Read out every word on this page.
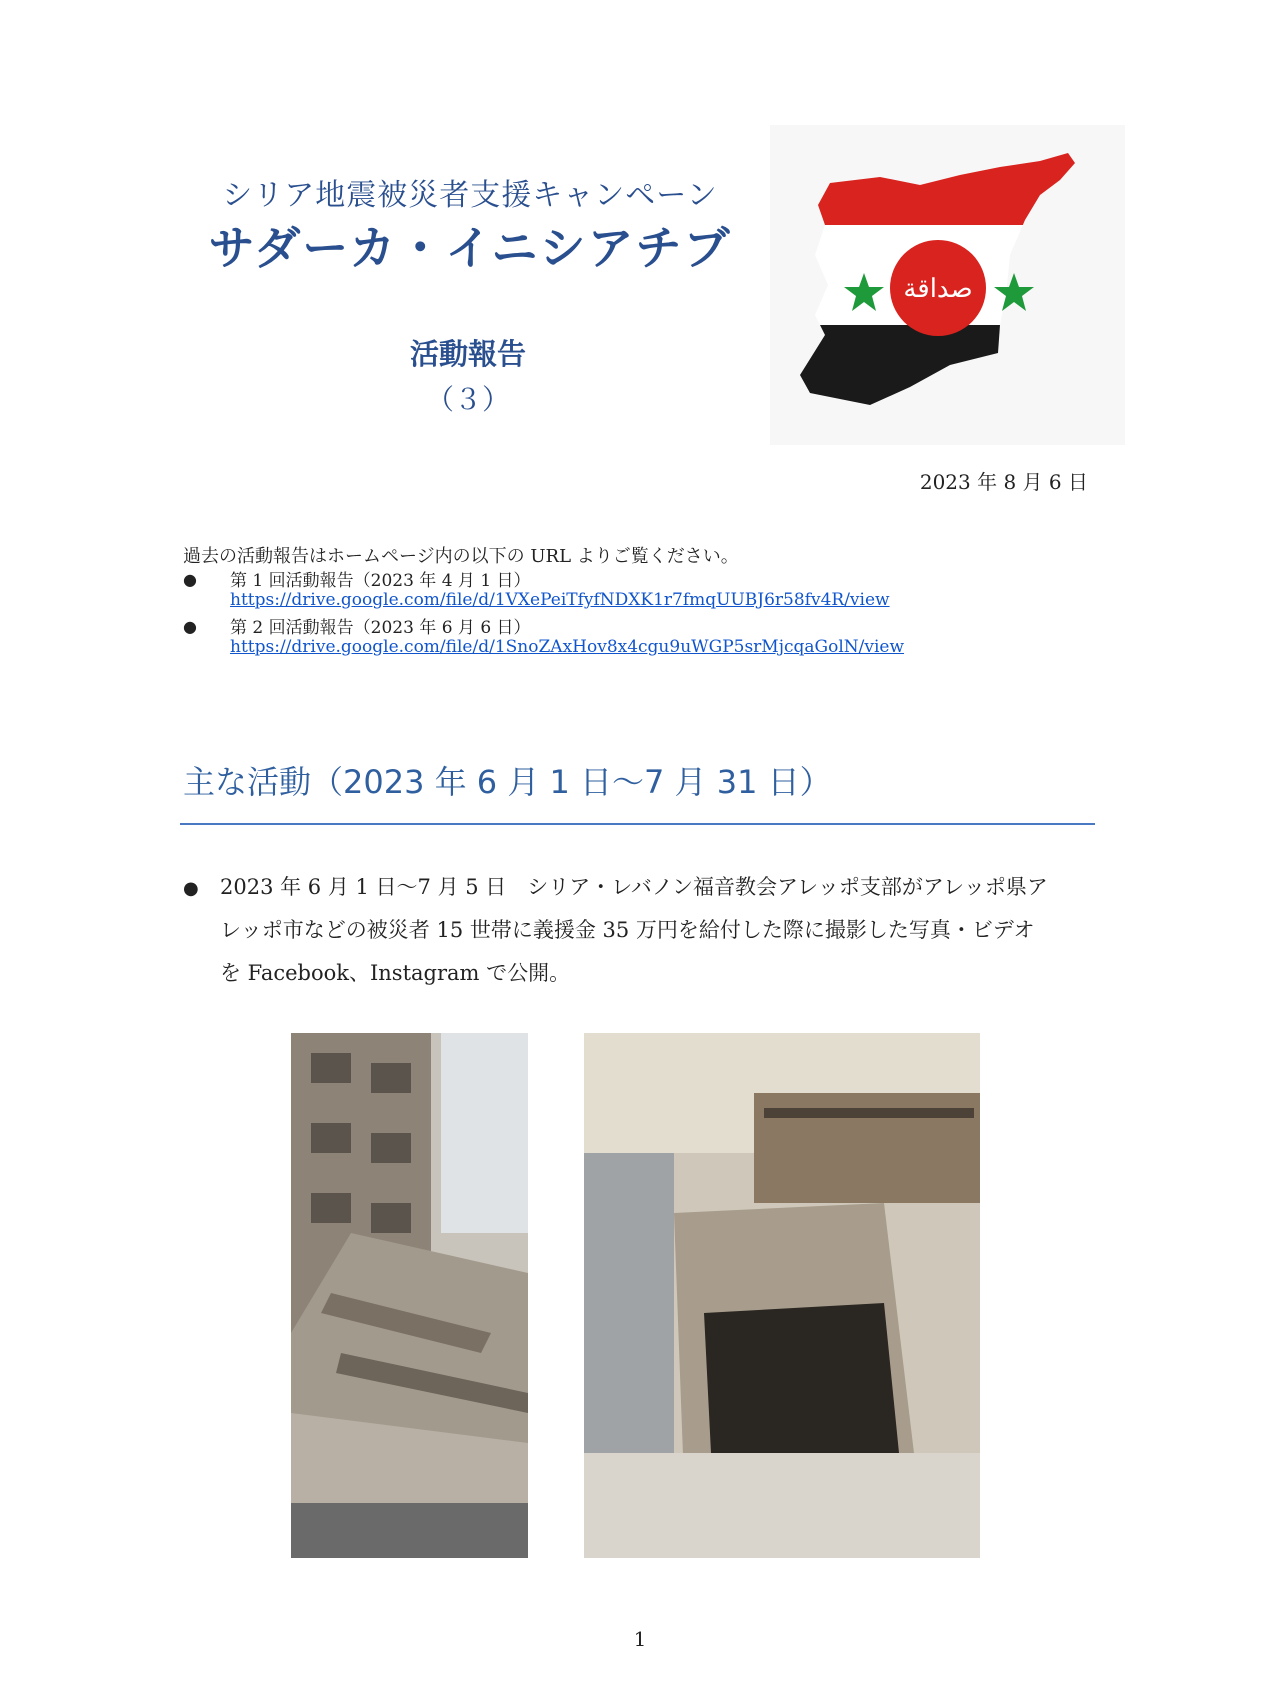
シリア地震被災者支援キャンペーン
サダーカ・イニシアチブ
活動報告
（３）
صداقة
2023 年 8 月 6 日
過去の活動報告はホームページ内の以下の URL よりご覧ください。
● 第 1 回活動報告（2023 年 4 月 1 日）
https://drive.google.com/file/d/1VXePeiTfyfNDXK1r7fmqUUBJ6r58fv4R/view
● 第 2 回活動報告（2023 年 6 月 6 日）
https://drive.google.com/file/d/1SnoZAxHov8x4cgu9uWGP5srMjcqaGolN/view
主な活動（2023 年 6 月 1 日～7 月 31 日）
● 2023 年 6 月 1 日～7 月 5 日　シリア・レバノン福音教会アレッポ支部がアレッポ県ア
レッポ市などの被災者 15 世帯に義援金 35 万円を給付した際に撮影した写真・ビデオ
を Facebook、Instagram で公開。
1
